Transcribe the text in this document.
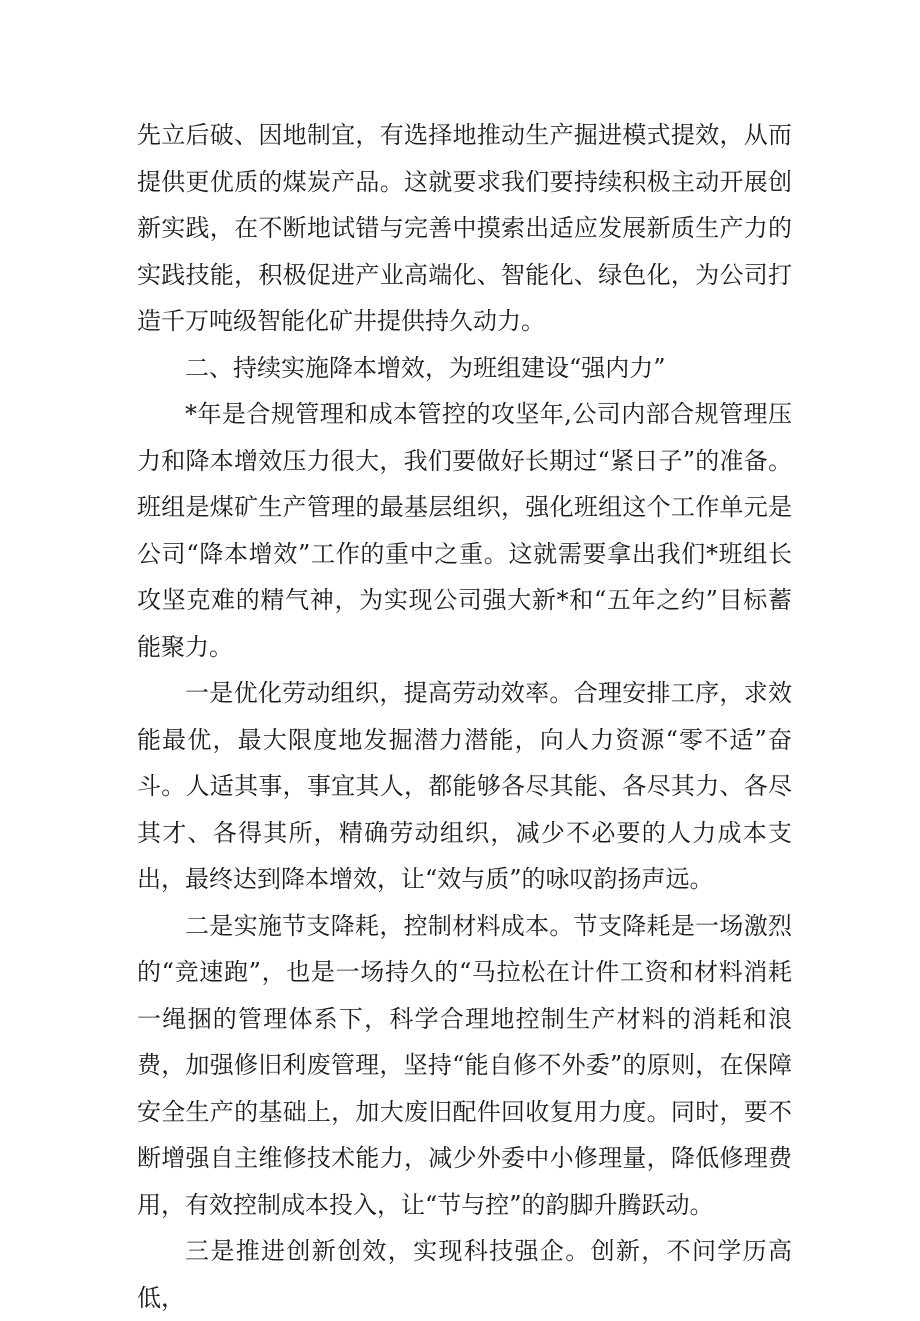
先立后破、因地制宜，有选择地推动生产掘进模式提效，从而提供更优质的煤炭产品。这就要求我们要持续积极主动开展创新实践，在不断地试错与完善中摸索出适应发展新质生产力的实践技能，积极促进产业高端化、智能化、绿色化，为公司打造千万吨级智能化矿井提供持久动力。

二、持续实施降本增效，为班组建设“强内力”

*年是合规管理和成本管控的攻坚年,公司内部合规管理压力和降本增效压力很大，我们要做好长期过“紧日子”的准备。班组是煤矿生产管理的最基层组织，强化班组这个工作单元是公司“降本增效”工作的重中之重。这就需要拿出我们*班组长攻坚克难的精气神，为实现公司强大新*和“五年之约”目标蓄能聚力。

一是优化劳动组织，提高劳动效率。合理安排工序，求效能最优，最大限度地发掘潜力潜能，向人力资源“零不适”奋斗。人适其事，事宜其人，都能够各尽其能、各尽其力、各尽其才、各得其所，精确劳动组织，减少不必要的人力成本支出，最终达到降本增效，让“效与质”的咏叹韵扬声远。

二是实施节支降耗，控制材料成本。节支降耗是一场激烈的“竞速跑”，也是一场持久的“马拉松在计件工资和材料消耗一绳捆的管理体系下，科学合理地控制生产材料的消耗和浪费，加强修旧利废管理，坚持“能自修不外委”的原则，在保障安全生产的基础上，加大废旧配件回收复用力度。同时，要不断增强自主维修技术能力，减少外委中小修理量，降低修理费用，有效控制成本投入，让“节与控”的韵脚升腾跃动。

三是推进创新创效，实现科技强企。创新，不问学历高低，
